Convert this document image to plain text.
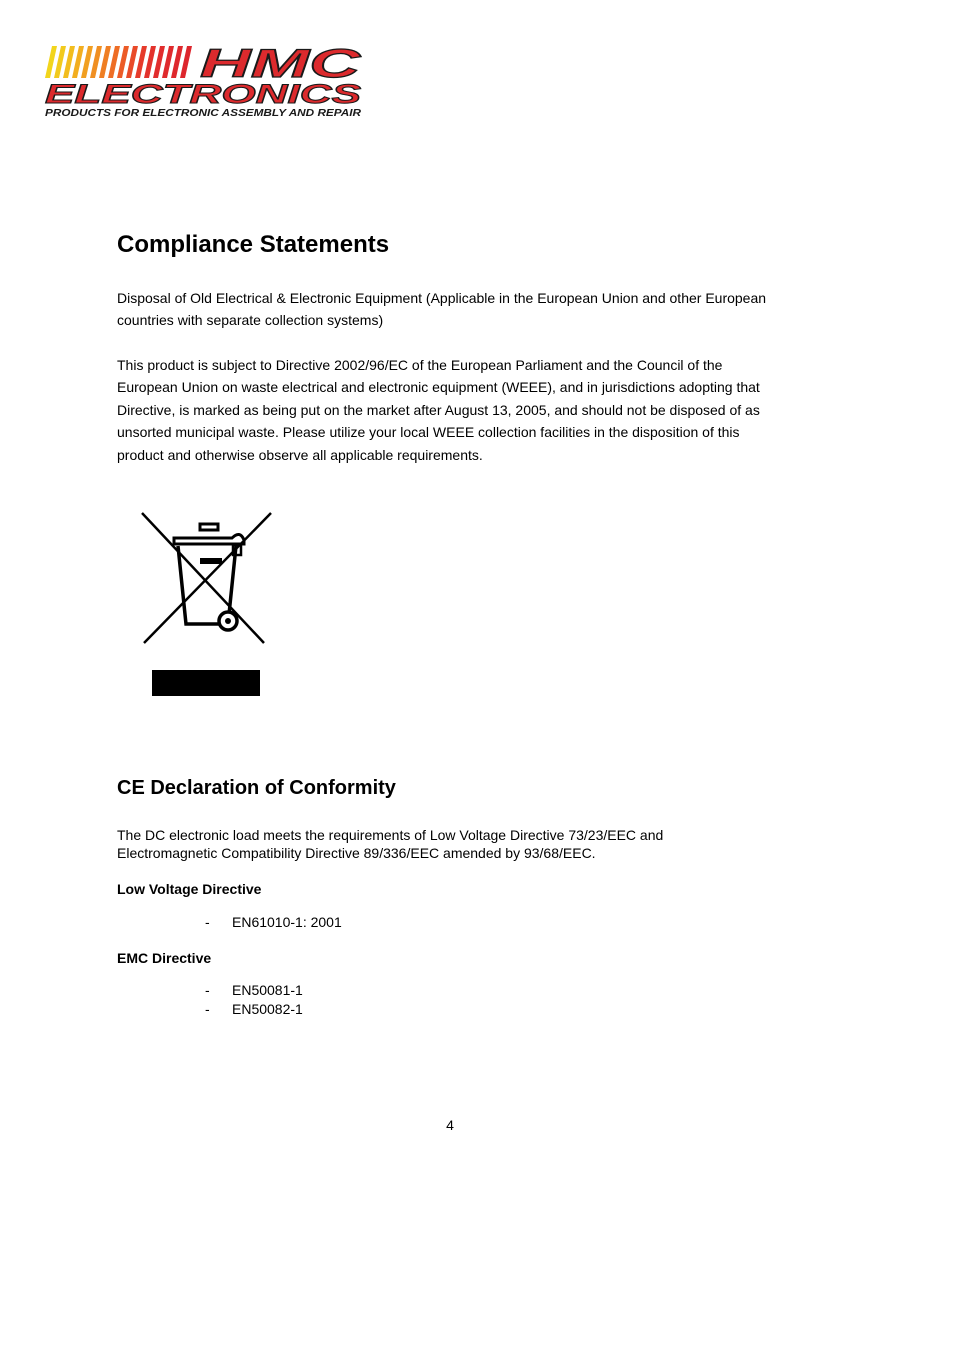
HMC
ELECTRONICS
PRODUCTS FOR ELECTRONIC ASSEMBLY AND REPAIR
Compliance Statements

Disposal of Old Electrical & Electronic Equipment (Applicable in the European Union and other European countries with separate collection systems)

This product is subject to Directive 2002/96/EC of the European Parliament and the Council of the European Union on waste electrical and electronic equipment (WEEE), and in jurisdictions adopting that Directive, is marked as being put on the market after August 13, 2005, and should not be disposed of as unsorted municipal waste. Please utilize your local WEEE collection facilities in the disposition of this product and otherwise observe all applicable requirements.

CE Declaration of Conformity

The DC electronic load meets the requirements of Low Voltage Directive 73/23/EEC and Electromagnetic Compatibility Directive 89/336/EEC amended by 93/68/EEC.

Low Voltage Directive

- EN61010-1: 2001

EMC Directive

- EN50081-1
- EN50082-1
4
